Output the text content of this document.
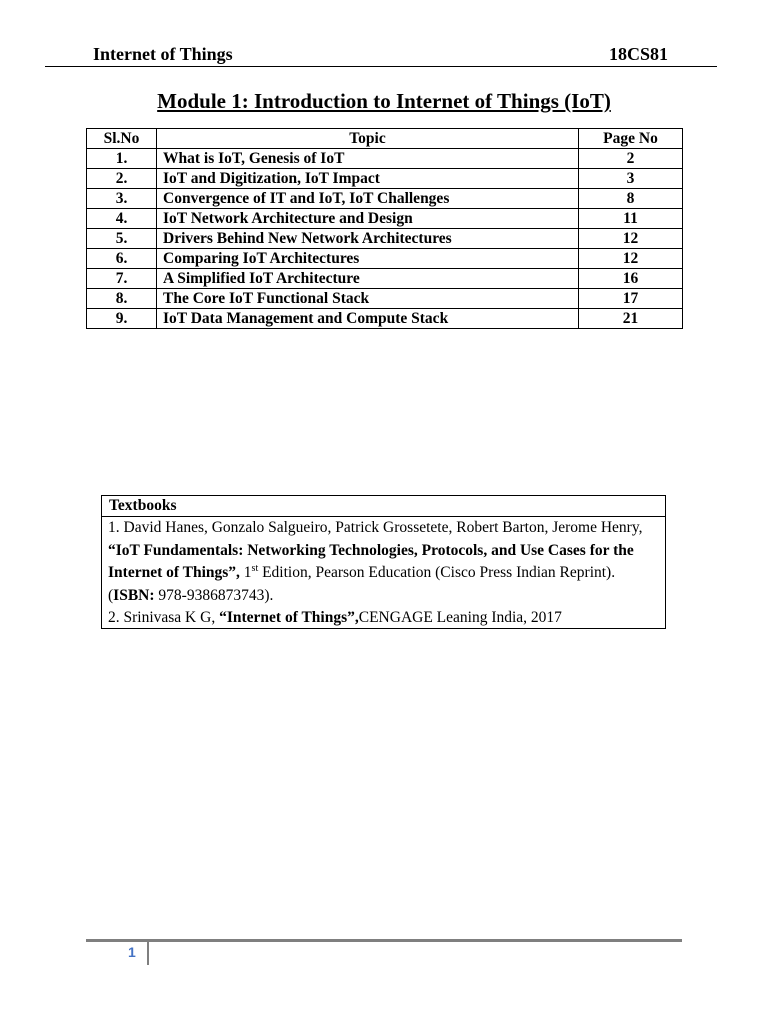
Internet of Things	18CS81
Module 1: Introduction to Internet of Things (IoT)
Sl.No	Topic	Page No
1.	What is IoT, Genesis of IoT	2
2.	IoT and Digitization, IoT Impact	3
3.	Convergence of IT and IoT, IoT Challenges	8
4.	IoT Network Architecture and Design	11
5.	Drivers Behind New Network Architectures	12
6.	Comparing IoT Architectures	12
7.	A Simplified IoT Architecture	16
8.	The Core IoT Functional Stack	17
9.	IoT Data Management and Compute Stack	21
Textbooks
1. David Hanes, Gonzalo Salgueiro, Patrick Grossetete, Robert Barton, Jerome Henry, “IoT Fundamentals: Networking Technologies, Protocols, and Use Cases for the Internet of Things”, 1st Edition, Pearson Education (Cisco Press Indian Reprint). (ISBN: 978-9386873743).
2. Srinivasa K G, “Internet of Things”,CENGAGE Leaning India, 2017
1
